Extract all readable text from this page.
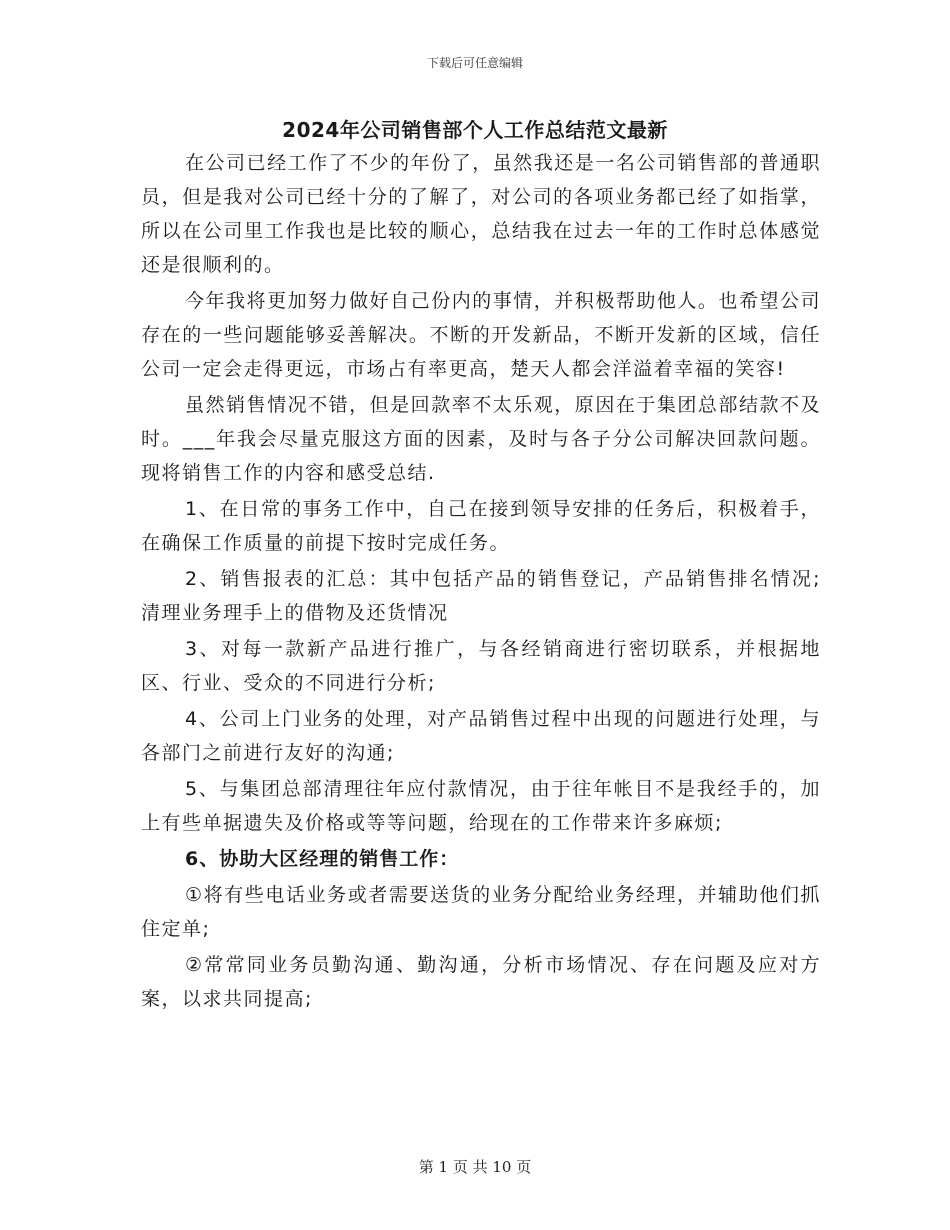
下载后可任意编辑
2024年公司销售部个人工作总结范文最新

在公司已经工作了不少的年份了，虽然我还是一名公司销售部的普通职员，但是我对公司已经十分的了解了，对公司的各项业务都已经了如指掌，所以在公司里工作我也是比较的顺心，总结我在过去一年的工作时总体感觉还是很顺利的。

今年我将更加努力做好自己份内的事情，并积极帮助他人。也希望公司存在的一些问题能够妥善解决。不断的开发新品，不断开发新的区域，信任公司一定会走得更远，市场占有率更高，楚天人都会洋溢着幸福的笑容!

虽然销售情况不错，但是回款率不太乐观，原因在于集团总部结款不及时。___年我会尽量克服这方面的因素，及时与各子分公司解决回款问题。现将销售工作的内容和感受总结.

1、在日常的事务工作中，自己在接到领导安排的任务后，积极着手，在确保工作质量的前提下按时完成任务。

2、销售报表的汇总：其中包括产品的销售登记，产品销售排名情况;清理业务理手上的借物及还货情况

3、对每一款新产品进行推广，与各经销商进行密切联系，并根据地区、行业、受众的不同进行分析;

4、公司上门业务的处理，对产品销售过程中出现的问题进行处理，与各部门之前进行友好的沟通;

5、与集团总部清理往年应付款情况，由于往年帐目不是我经手的，加上有些单据遗失及价格或等等问题，给现在的工作带来许多麻烦;

6、协助大区经理的销售工作：

①将有些电话业务或者需要送货的业务分配给业务经理，并辅助他们抓住定单;

②常常同业务员勤沟通、勤沟通，分析市场情况、存在问题及应对方案，以求共同提高;

第 1 页 共 10 页
